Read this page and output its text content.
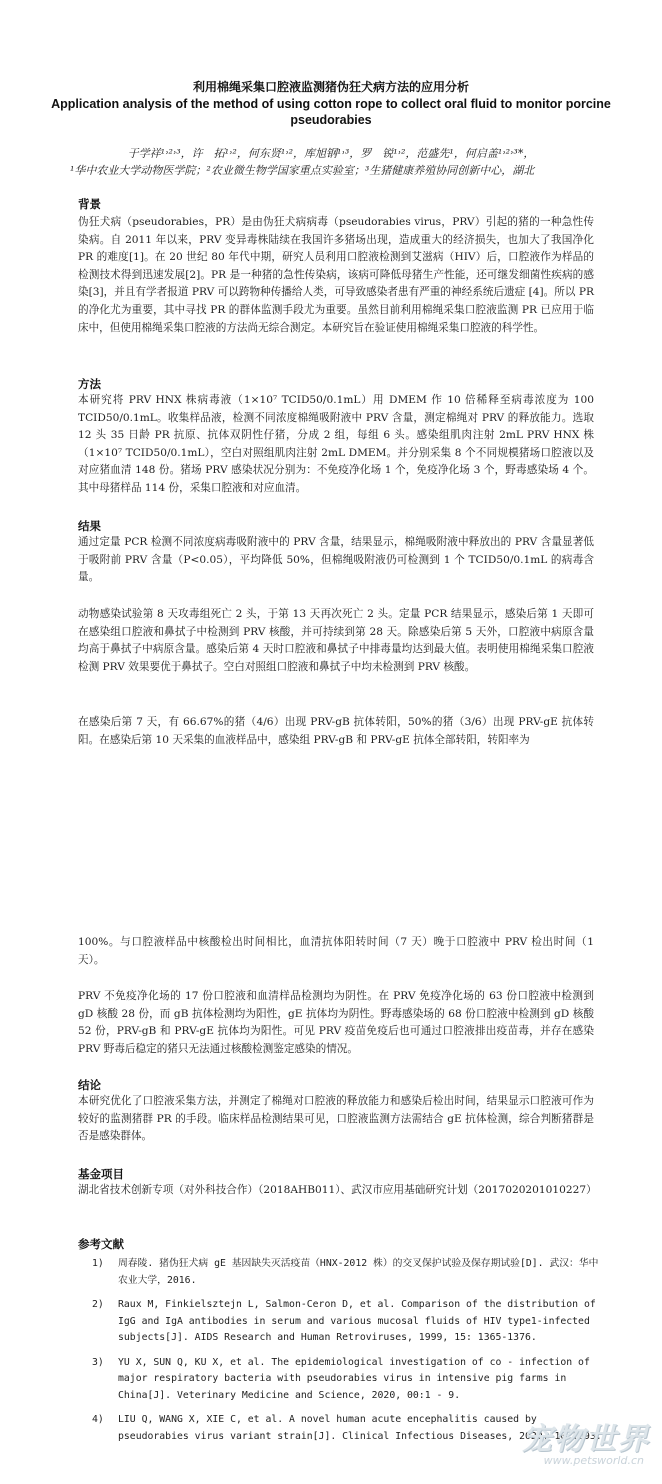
利用棉绳采集口腔液监测猪伪狂犬病方法的应用分析
Application analysis of the method of using cotton rope to collect oral fluid to monitor porcine pseudorabies
于学祥¹˒²˒³，许　拓¹˒²，何东贤¹˒²，库旭钢¹˒³，罗　锐¹˒²，范盛先¹，何启盖¹˒²˒³*，
¹华中农业大学动物医学院；²农业微生物学国家重点实验室；³生猪健康养殖协同创新中心，湖北
背景

伪狂犬病（pseudorabies，PR）是由伪狂犬病病毒（pseudorabies virus，PRV）引起的猪的一种急性传染病。自 2011 年以来，PRV 变异毒株陆续在我国许多猪场出现，造成重大的经济损失，也加大了我国净化 PR 的难度[1]。在 20 世纪 80 年代中期，研究人员利用口腔液检测到艾滋病（HIV）后，口腔液作为样品的检测技术得到迅速发展[2]。PR 是一种猪的急性传染病，该病可降低母猪生产性能，还可继发细菌性疾病的感染[3]，并且有学者报道 PRV 可以跨物种传播给人类，可导致感染者患有严重的神经系统后遗症 [4]。所以 PR 的净化尤为重要，其中寻找 PR 的群体监测手段尤为重要。虽然目前利用棉绳采集口腔液监测 PR 已应用于临床中，但使用棉绳采集口腔液的方法尚无综合测定。本研究旨在验证使用棉绳采集口腔液的科学性。

方法

本研究将 PRV HNX 株病毒液（1×10⁷ TCID50/0.1mL）用 DMEM 作 10 倍稀释至病毒浓度为 100 TCID50/0.1mL。收集样品液，检测不同浓度棉绳吸附液中 PRV 含量，测定棉绳对 PRV 的释放能力。选取 12 头 35 日龄 PR 抗原、抗体双阴性仔猪，分成 2 组，每组 6 头。感染组肌肉注射 2mL PRV HNX 株（1×10⁷ TCID50/0.1mL），空白对照组肌肉注射 2mL DMEM。并分别采集 8 个不同规模猪场口腔液以及对应猪血清 148 份。猪场 PRV 感染状况分别为：不免疫净化场 1 个，免疫净化场 3 个，野毒感染场 4 个。其中母猪样品 114 份，采集口腔液和对应血清。

结果

通过定量 PCR 检测不同浓度病毒吸附液中的 PRV 含量，结果显示，棉绳吸附液中释放出的 PRV 含量显著低于吸附前 PRV 含量（P<0.05），平均降低 50%，但棉绳吸附液仍可检测到 1 个 TCID50/0.1mL 的病毒含量。

动物感染试验第 8 天攻毒组死亡 2 头，于第 13 天再次死亡 2 头。定量 PCR 结果显示，感染后第 1 天即可在感染组口腔液和鼻拭子中检测到 PRV 核酸，并可持续到第 28 天。除感染后第 5 天外，口腔液中病原含量均高于鼻拭子中病原含量。感染后第 4 天时口腔液和鼻拭子中排毒量均达到最大值。表明使用棉绳采集口腔液检测 PRV 效果要优于鼻拭子。空白对照组口腔液和鼻拭子中均未检测到 PRV 核酸。

在感染后第 7 天，有 66.67%的猪（4/6）出现 PRV-gB 抗体转阳，50%的猪（3/6）出现 PRV-gE 抗体转阳。在感染后第 10 天采集的血液样品中，感染组 PRV-gB 和 PRV-gE 抗体全部转阳，转阳率为

100%。与口腔液样品中核酸检出时间相比，血清抗体阳转时间（7 天）晚于口腔液中 PRV 检出时间（1 天）。

PRV 不免疫净化场的 17 份口腔液和血清样品检测均为阴性。在 PRV 免疫净化场的 63 份口腔液中检测到 gD 核酸 28 份，而 gB 抗体检测均为阳性，gE 抗体均为阴性。野毒感染场的 68 份口腔液中检测到 gD 核酸 52 份，PRV-gB 和 PRV-gE 抗体均为阳性。可见 PRV 疫苗免疫后也可通过口腔液排出疫苗毒，并存在感染 PRV 野毒后稳定的猪只无法通过核酸检测鉴定感染的情况。

结论

本研究优化了口腔液采集方法，并测定了棉绳对口腔液的释放能力和感染后检出时间，结果显示口腔液可作为较好的监测猪群 PR 的手段。临床样品检测结果可见，口腔液监测方法需结合 gE 抗体检测，综合判断猪群是否是感染群体。

基金项目

湖北省技术创新专项（对外科技合作）（2018AHB011）、武汉市应用基础研究计划（2017020201010227）

参考文献
1) 周春陵. 猪伪狂犬病 gE 基因缺失灭活疫苗（HNX-2012 株）的交叉保护试验及保存期试验[D]. 武汉：华中农业大学，2016.
2) Raux M, Finkielsztejn L, Salmon-Ceron D, et al. Comparison of the distribution of IgG and IgA antibodies in serum and various mucosal fluids of HIV type1-infected subjects[J]. AIDS Research and Human Retroviruses, 1999, 15: 1365-1376.
3) YU X, SUN Q, KU X, et al. The epidemiological investigation of co - infection of major respiratory bacteria with pseudorabies virus in intensive pig farms in China[J]. Veterinary Medicine and Science, 2020, 00:1 - 9.
4) LIU Q, WANG X, XIE C, et al. A novel human acute encephalitis caused by pseudorabies virus variant strain[J]. Clinical Infectious Diseases, 2020, 10.1093.
宠物世界
www.petsworld.cn
